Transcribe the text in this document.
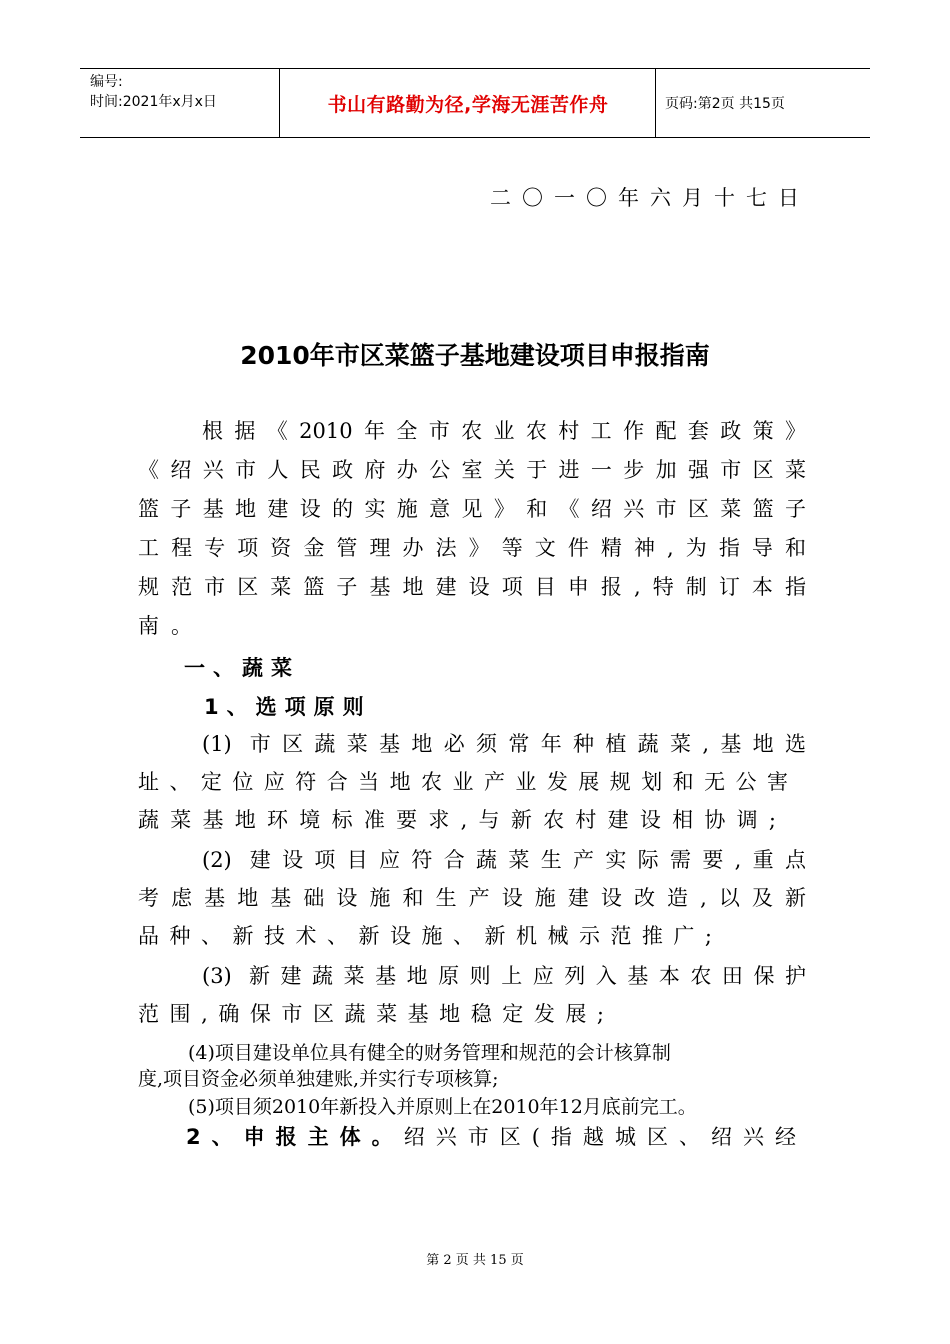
编号:
时间:2021年x月x日	书山有路勤为径,学海无涯苦作舟	页码:第2页 共15页
二〇一〇年六月十七日
2010年市区菜篮子基地建设项目申报指南
根据《2010年全市农业农村工作配套政策》
《绍兴市人民政府办公室关于进一步加强市区菜
篮子基地建设的实施意见》和《绍兴市区菜篮子
工程专项资金管理办法》等文件精神,为指导和
规范市区菜篮子基地建设项目申报,特制订本指
南。
一、蔬菜
1、选项原则
(1) 市区蔬菜基地必须常年种植蔬菜,基地选
址、定位应符合当地农业产业发展规划和无公害
蔬菜基地环境标准要求,与新农村建设相协调;
(2) 建设项目应符合蔬菜生产实际需要,重点
考虑基地基础设施和生产设施建设改造,以及新
品种、新技术、新设施、新机械示范推广;
(3) 新建蔬菜基地原则上应列入基本农田保护
范围,确保市区蔬菜基地稳定发展;
(4)项目建设单位具有健全的财务管理和规范的会计核算制
度,项目资金必须单独建账,并实行专项核算;
(5)项目须2010年新投入并原则上在2010年12月底前完工。
2、申报主体。绍兴市区(指越城区、绍兴经
第 2 页 共 15 页
